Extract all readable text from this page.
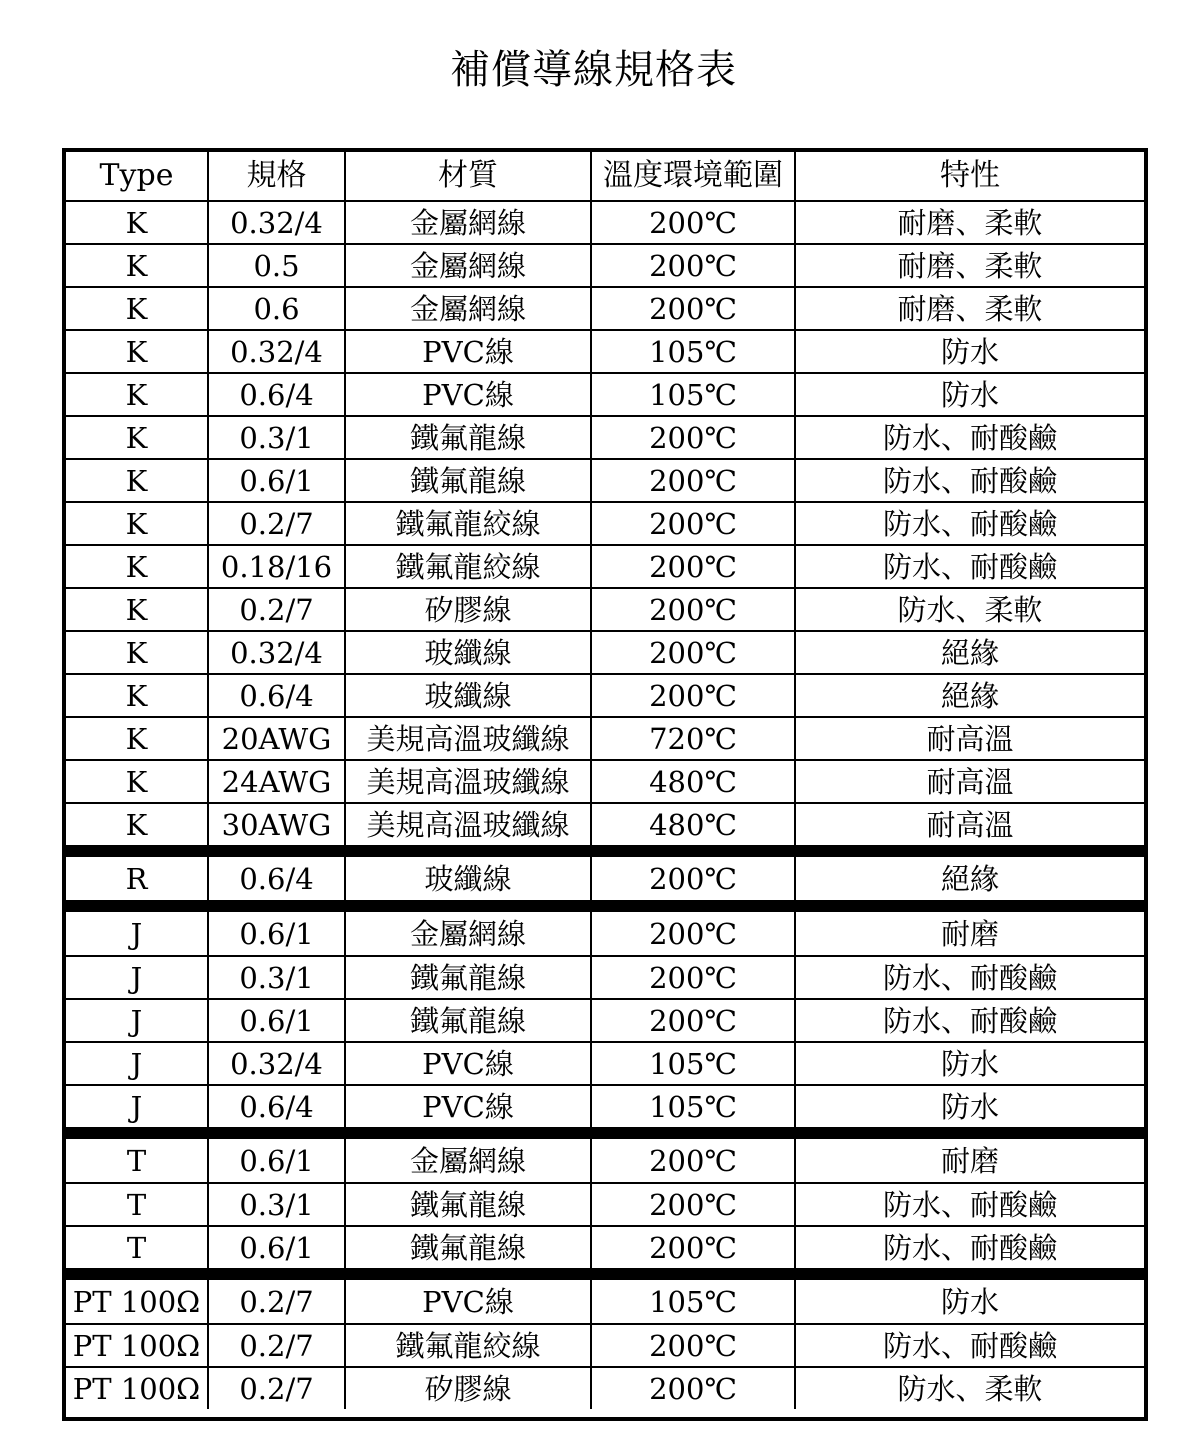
補償導線規格表
Type	規格	材質	溫度環境範圍	特性
K	0.32/4	金屬網線	200℃	耐磨、柔軟
K	0.5	金屬網線	200℃	耐磨、柔軟
K	0.6	金屬網線	200℃	耐磨、柔軟
K	0.32/4	PVC線	105℃	防水
K	0.6/4	PVC線	105℃	防水
K	0.3/1	鐵氟龍線	200℃	防水、耐酸鹼
K	0.6/1	鐵氟龍線	200℃	防水、耐酸鹼
K	0.2/7	鐵氟龍絞線	200℃	防水、耐酸鹼
K	0.18/16	鐵氟龍絞線	200℃	防水、耐酸鹼
K	0.2/7	矽膠線	200℃	防水、柔軟
K	0.32/4	玻纖線	200℃	絕緣
K	0.6/4	玻纖線	200℃	絕緣
K	20AWG	美規高溫玻纖線	720℃	耐高溫
K	24AWG	美規高溫玻纖線	480℃	耐高溫
K	30AWG	美規高溫玻纖線	480℃	耐高溫
R	0.6/4	玻纖線	200℃	絕緣
J	0.6/1	金屬網線	200℃	耐磨
J	0.3/1	鐵氟龍線	200℃	防水、耐酸鹼
J	0.6/1	鐵氟龍線	200℃	防水、耐酸鹼
J	0.32/4	PVC線	105℃	防水
J	0.6/4	PVC線	105℃	防水
T	0.6/1	金屬網線	200℃	耐磨
T	0.3/1	鐵氟龍線	200℃	防水、耐酸鹼
T	0.6/1	鐵氟龍線	200℃	防水、耐酸鹼
PT 100Ω	0.2/7	PVC線	105℃	防水
PT 100Ω	0.2/7	鐵氟龍絞線	200℃	防水、耐酸鹼
PT 100Ω	0.2/7	矽膠線	200℃	防水、柔軟
